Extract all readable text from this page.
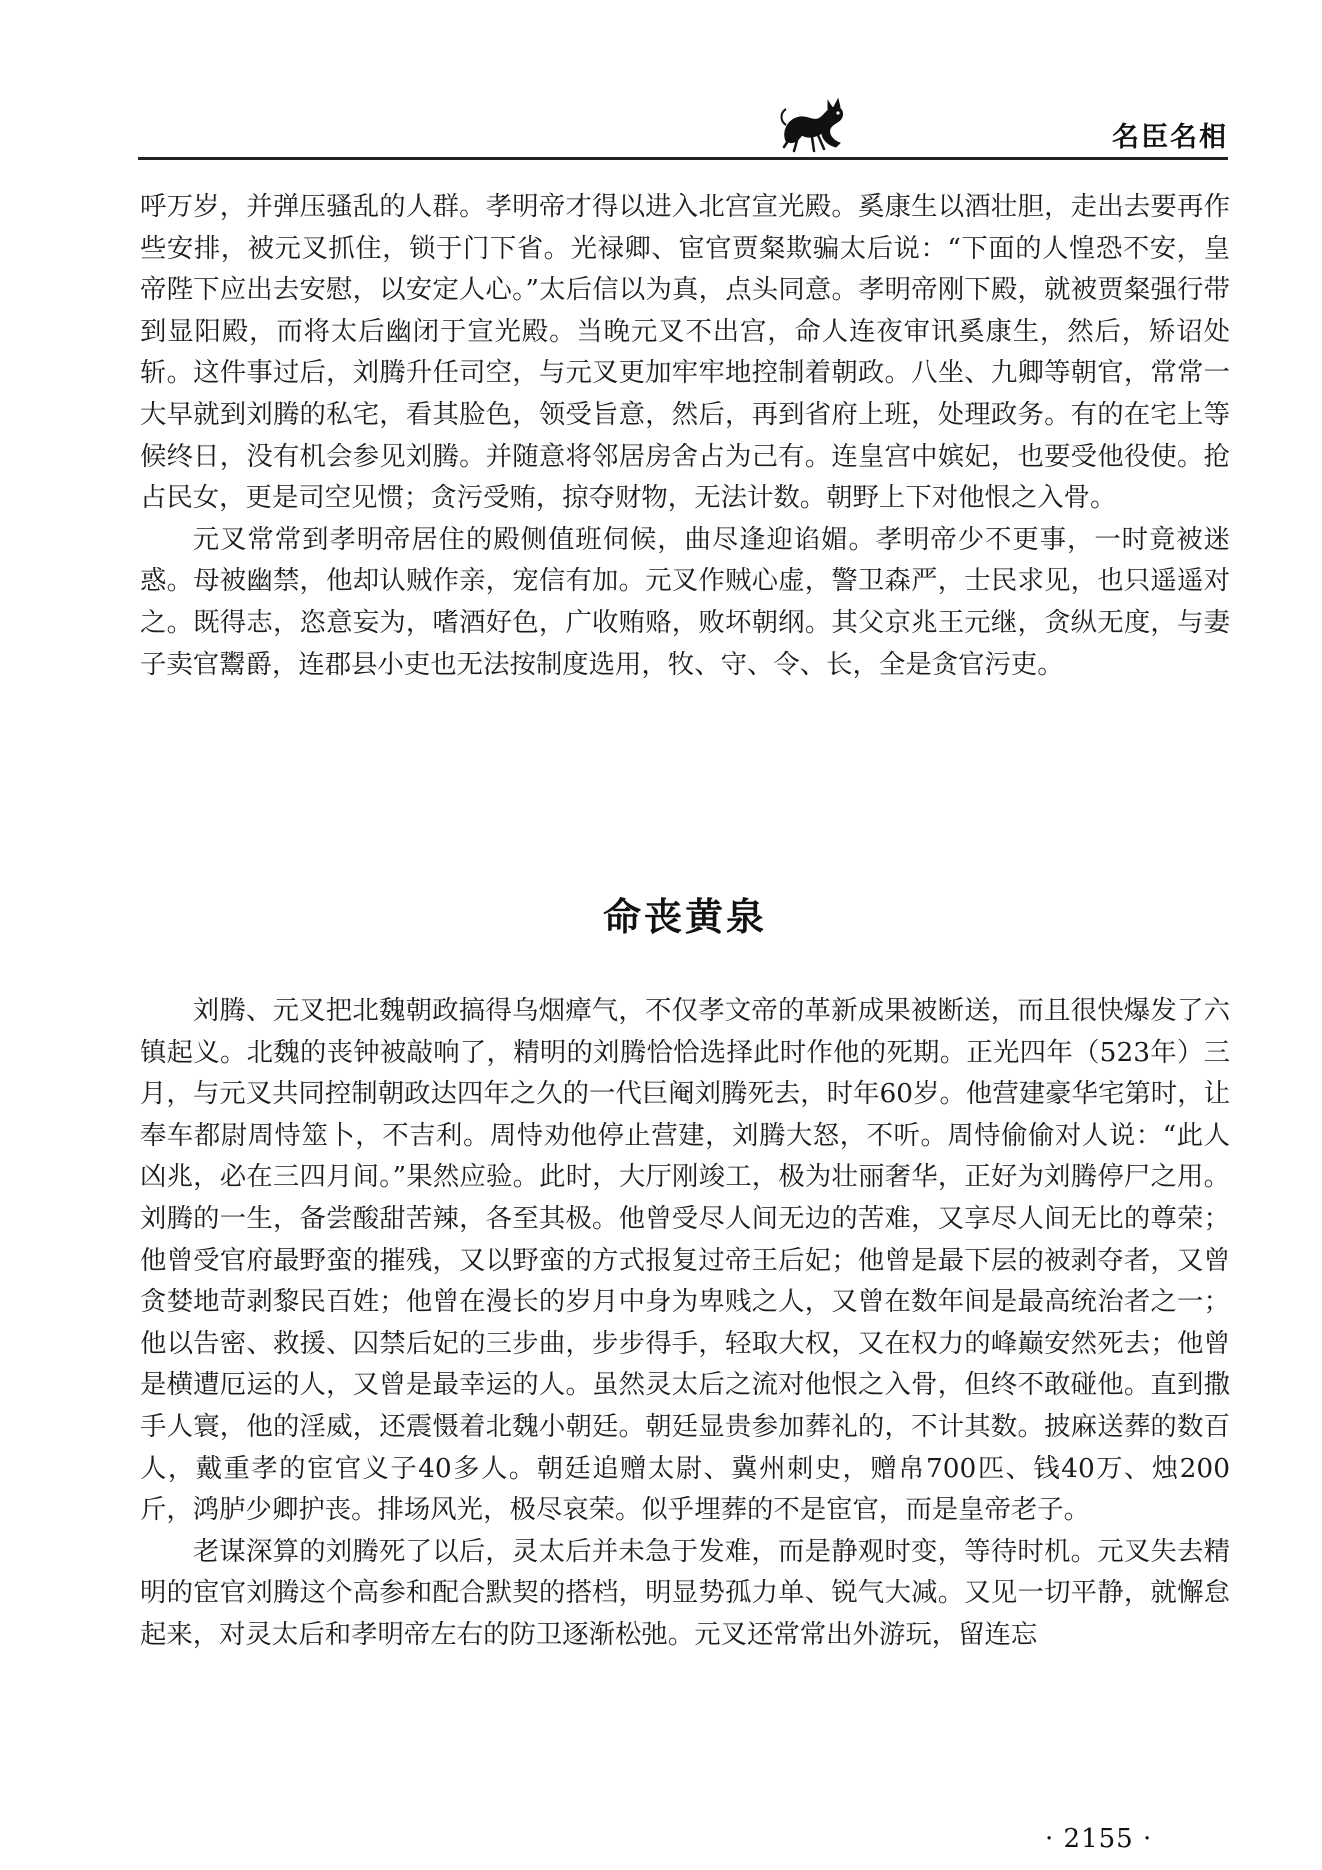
名臣名相

呼万岁，并弹压骚乱的人群。孝明帝才得以进入北宫宣光殿。奚康生以酒壮胆，走出去要再作些安排，被元叉抓住，锁于门下省。光禄卿、宦官贾粲欺骗太后说：“下面的人惶恐不安，皇帝陛下应出去安慰，以安定人心。”太后信以为真，点头同意。孝明帝刚下殿，就被贾粲强行带到显阳殿，而将太后幽闭于宣光殿。当晚元叉不出宫，命人连夜审讯奚康生，然后，矫诏处斩。这件事过后，刘腾升任司空，与元叉更加牢牢地控制着朝政。八坐、九卿等朝官，常常一大早就到刘腾的私宅，看其脸色，领受旨意，然后，再到省府上班，处理政务。有的在宅上等候终日，没有机会参见刘腾。并随意将邻居房舍占为己有。连皇宫中嫔妃，也要受他役使。抢占民女，更是司空见惯；贪污受贿，掠夺财物，无法计数。朝野上下对他恨之入骨。

元叉常常到孝明帝居住的殿侧值班伺候，曲尽逢迎谄媚。孝明帝少不更事，一时竟被迷惑。母被幽禁，他却认贼作亲，宠信有加。元叉作贼心虚，警卫森严，士民求见，也只遥遥对之。既得志，恣意妄为，嗜酒好色，广收贿赂，败坏朝纲。其父京兆王元继，贪纵无度，与妻子卖官鬻爵，连郡县小吏也无法按制度选用，牧、守、令、长，全是贪官污吏。

命丧黄泉

刘腾、元叉把北魏朝政搞得乌烟瘴气，不仅孝文帝的革新成果被断送，而且很快爆发了六镇起义。北魏的丧钟被敲响了，精明的刘腾恰恰选择此时作他的死期。正光四年（523年）三月，与元叉共同控制朝政达四年之久的一代巨阉刘腾死去，时年60岁。他营建豪华宅第时，让奉车都尉周恃筮卜，不吉利。周恃劝他停止营建，刘腾大怒，不听。周恃偷偷对人说：“此人凶兆，必在三四月间。”果然应验。此时，大厅刚竣工，极为壮丽奢华，正好为刘腾停尸之用。刘腾的一生，备尝酸甜苦辣，各至其极。他曾受尽人间无边的苦难，又享尽人间无比的尊荣；他曾受官府最野蛮的摧残，又以野蛮的方式报复过帝王后妃；他曾是最下层的被剥夺者，又曾贪婪地苛剥黎民百姓；他曾在漫长的岁月中身为卑贱之人，又曾在数年间是最高统治者之一；他以告密、救援、囚禁后妃的三步曲，步步得手，轻取大权，又在权力的峰巅安然死去；他曾是横遭厄运的人，又曾是最幸运的人。虽然灵太后之流对他恨之入骨，但终不敢碰他。直到撒手人寰，他的淫威，还震慑着北魏小朝廷。朝廷显贵参加葬礼的，不计其数。披麻送葬的数百人，戴重孝的宦官义子40多人。朝廷追赠太尉、冀州刺史，赠帛700匹、钱40万、烛200斤，鸿胪少卿护丧。排场风光，极尽哀荣。似乎埋葬的不是宦官，而是皇帝老子。

老谋深算的刘腾死了以后，灵太后并未急于发难，而是静观时变，等待时机。元叉失去精明的宦官刘腾这个高参和配合默契的搭档，明显势孤力单、锐气大减。又见一切平静，就懈怠起来，对灵太后和孝明帝左右的防卫逐渐松弛。元叉还常常出外游玩，留连忘

· 2155 ·
